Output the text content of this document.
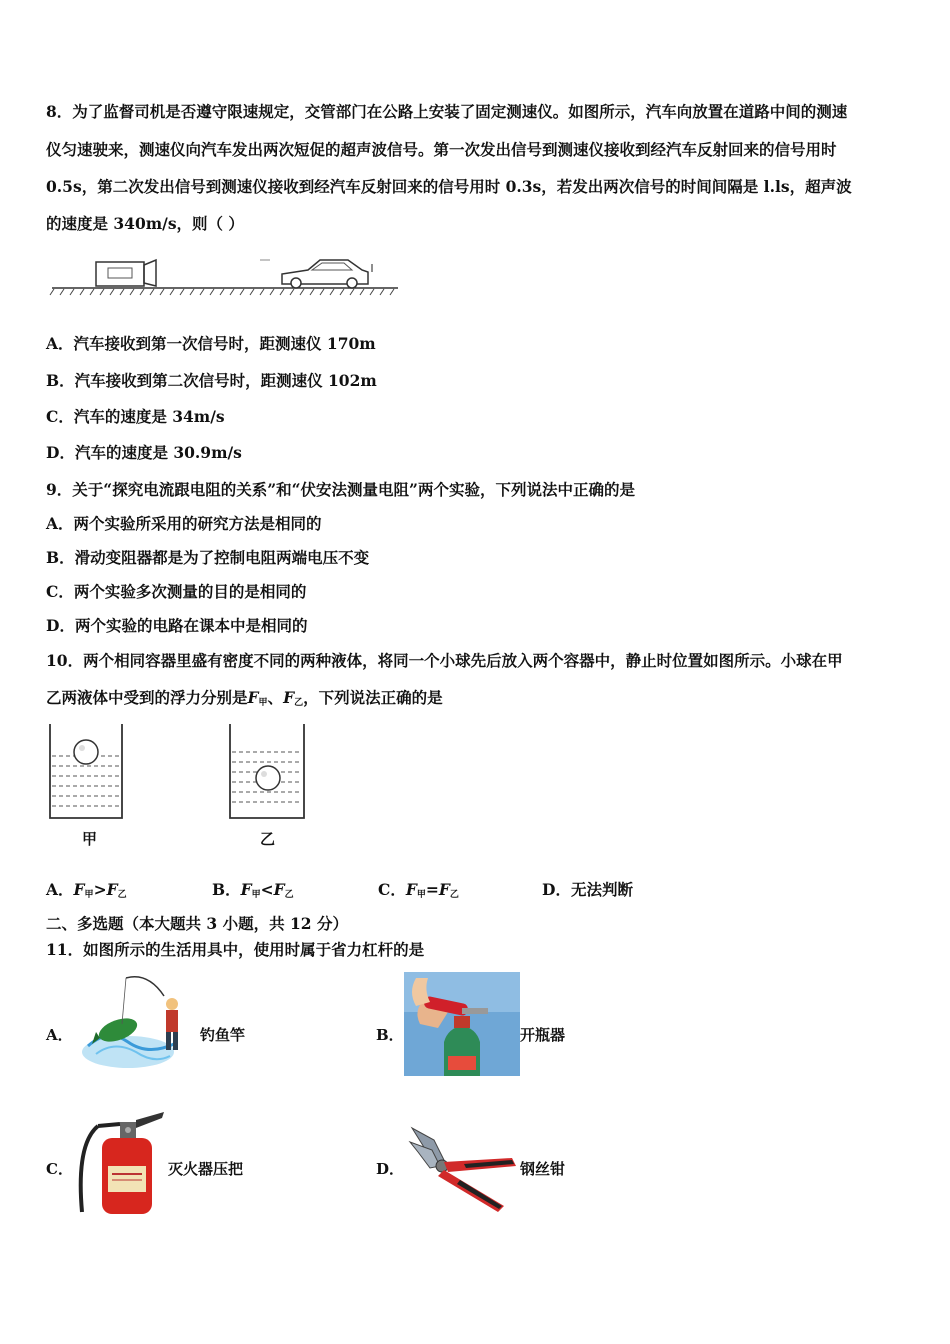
8．为了监督司机是否遵守限速规定，交管部门在公路上安装了固定测速仪。如图所示，汽车向放置在道路中间的测速
仪匀速驶来，测速仪向汽车发出两次短促的超声波信号。第一次发出信号到测速仪接收到经汽车反射回来的信号用时
0.5s，第二次发出信号到测速仪接收到经汽车反射回来的信号用时 0.3s，若发出两次信号的时间间隔是 l.ls，超声波
的速度是 340m/s，则（ ）
A．汽车接收到第一次信号时，距测速仪 170m
B．汽车接收到第二次信号时，距测速仪 102m
C．汽车的速度是 34m/s
D．汽车的速度是 30.9m/s
9．关于“探究电流跟电阻的关系”和“伏安法测量电阻”两个实验，下列说法中正确的是
A．两个实验所采用的研究方法是相同的
B．滑动变阻器都是为了控制电阻两端电压不变
C．两个实验多次测量的目的是相同的
D．两个实验的电路在课本中是相同的
10．两个相同容器里盛有密度不同的两种液体，将同一个小球先后放入两个容器中，静止时位置如图所示。小球在甲
乙两液体中受到的浮力分别是$F_甲$、$F_乙$，下列说法正确的是
甲	乙
A．$F_甲>F_乙$	B．$F_甲<F_乙$	C．$F_甲=F_乙$	D．无法判断
二、多选题（本大题共 3 小题，共 12 分）
11．如图所示的生活用具中，使用时属于省力杠杆的是
A．	钓鱼竿	B．	开瓶器
C．	灭火器压把	D．	钢丝钳
